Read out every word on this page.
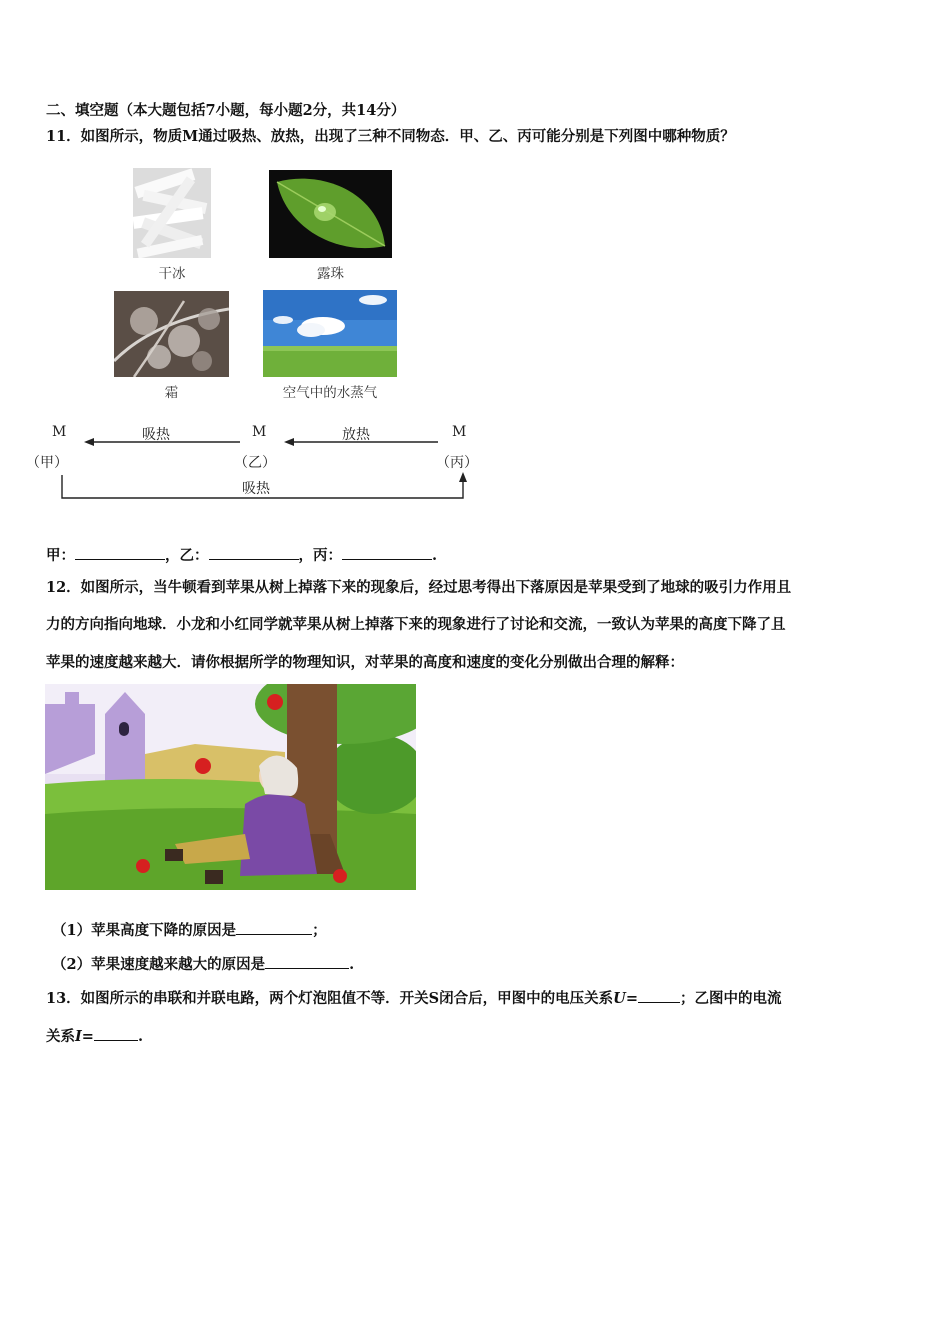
二、填空题（本大题包括7小题，每小题2分，共14分）
11．如图所示，物质M通过吸热、放热，出现了三种不同物态．甲、乙、丙可能分别是下列图中哪种物质？
干冰	露珠
霜	空气中的水蒸气
M	M	M
（甲）	（乙）	（丙）
吸热	放热
吸热
甲：	，乙：	，丙：	.
12．如图所示，当牛顿看到苹果从树上掉落下来的现象后，经过思考得出下落原因是苹果受到了地球的吸引力作用且
力的方向指向地球．小龙和小红同学就苹果从树上掉落下来的现象进行了讨论和交流，一致认为苹果的高度下降了且
苹果的速度越来越大．请你根据所学的物理知识，对苹果的高度和速度的变化分别做出合理的解释：
（1）苹果高度下降的原因是	；
（2）苹果速度越来越大的原因是	.
13．如图所示的串联和并联电路，两个灯泡阻值不等．开关S闭合后，甲图中的电压关系U=	；乙图中的电流
关系I=	.
